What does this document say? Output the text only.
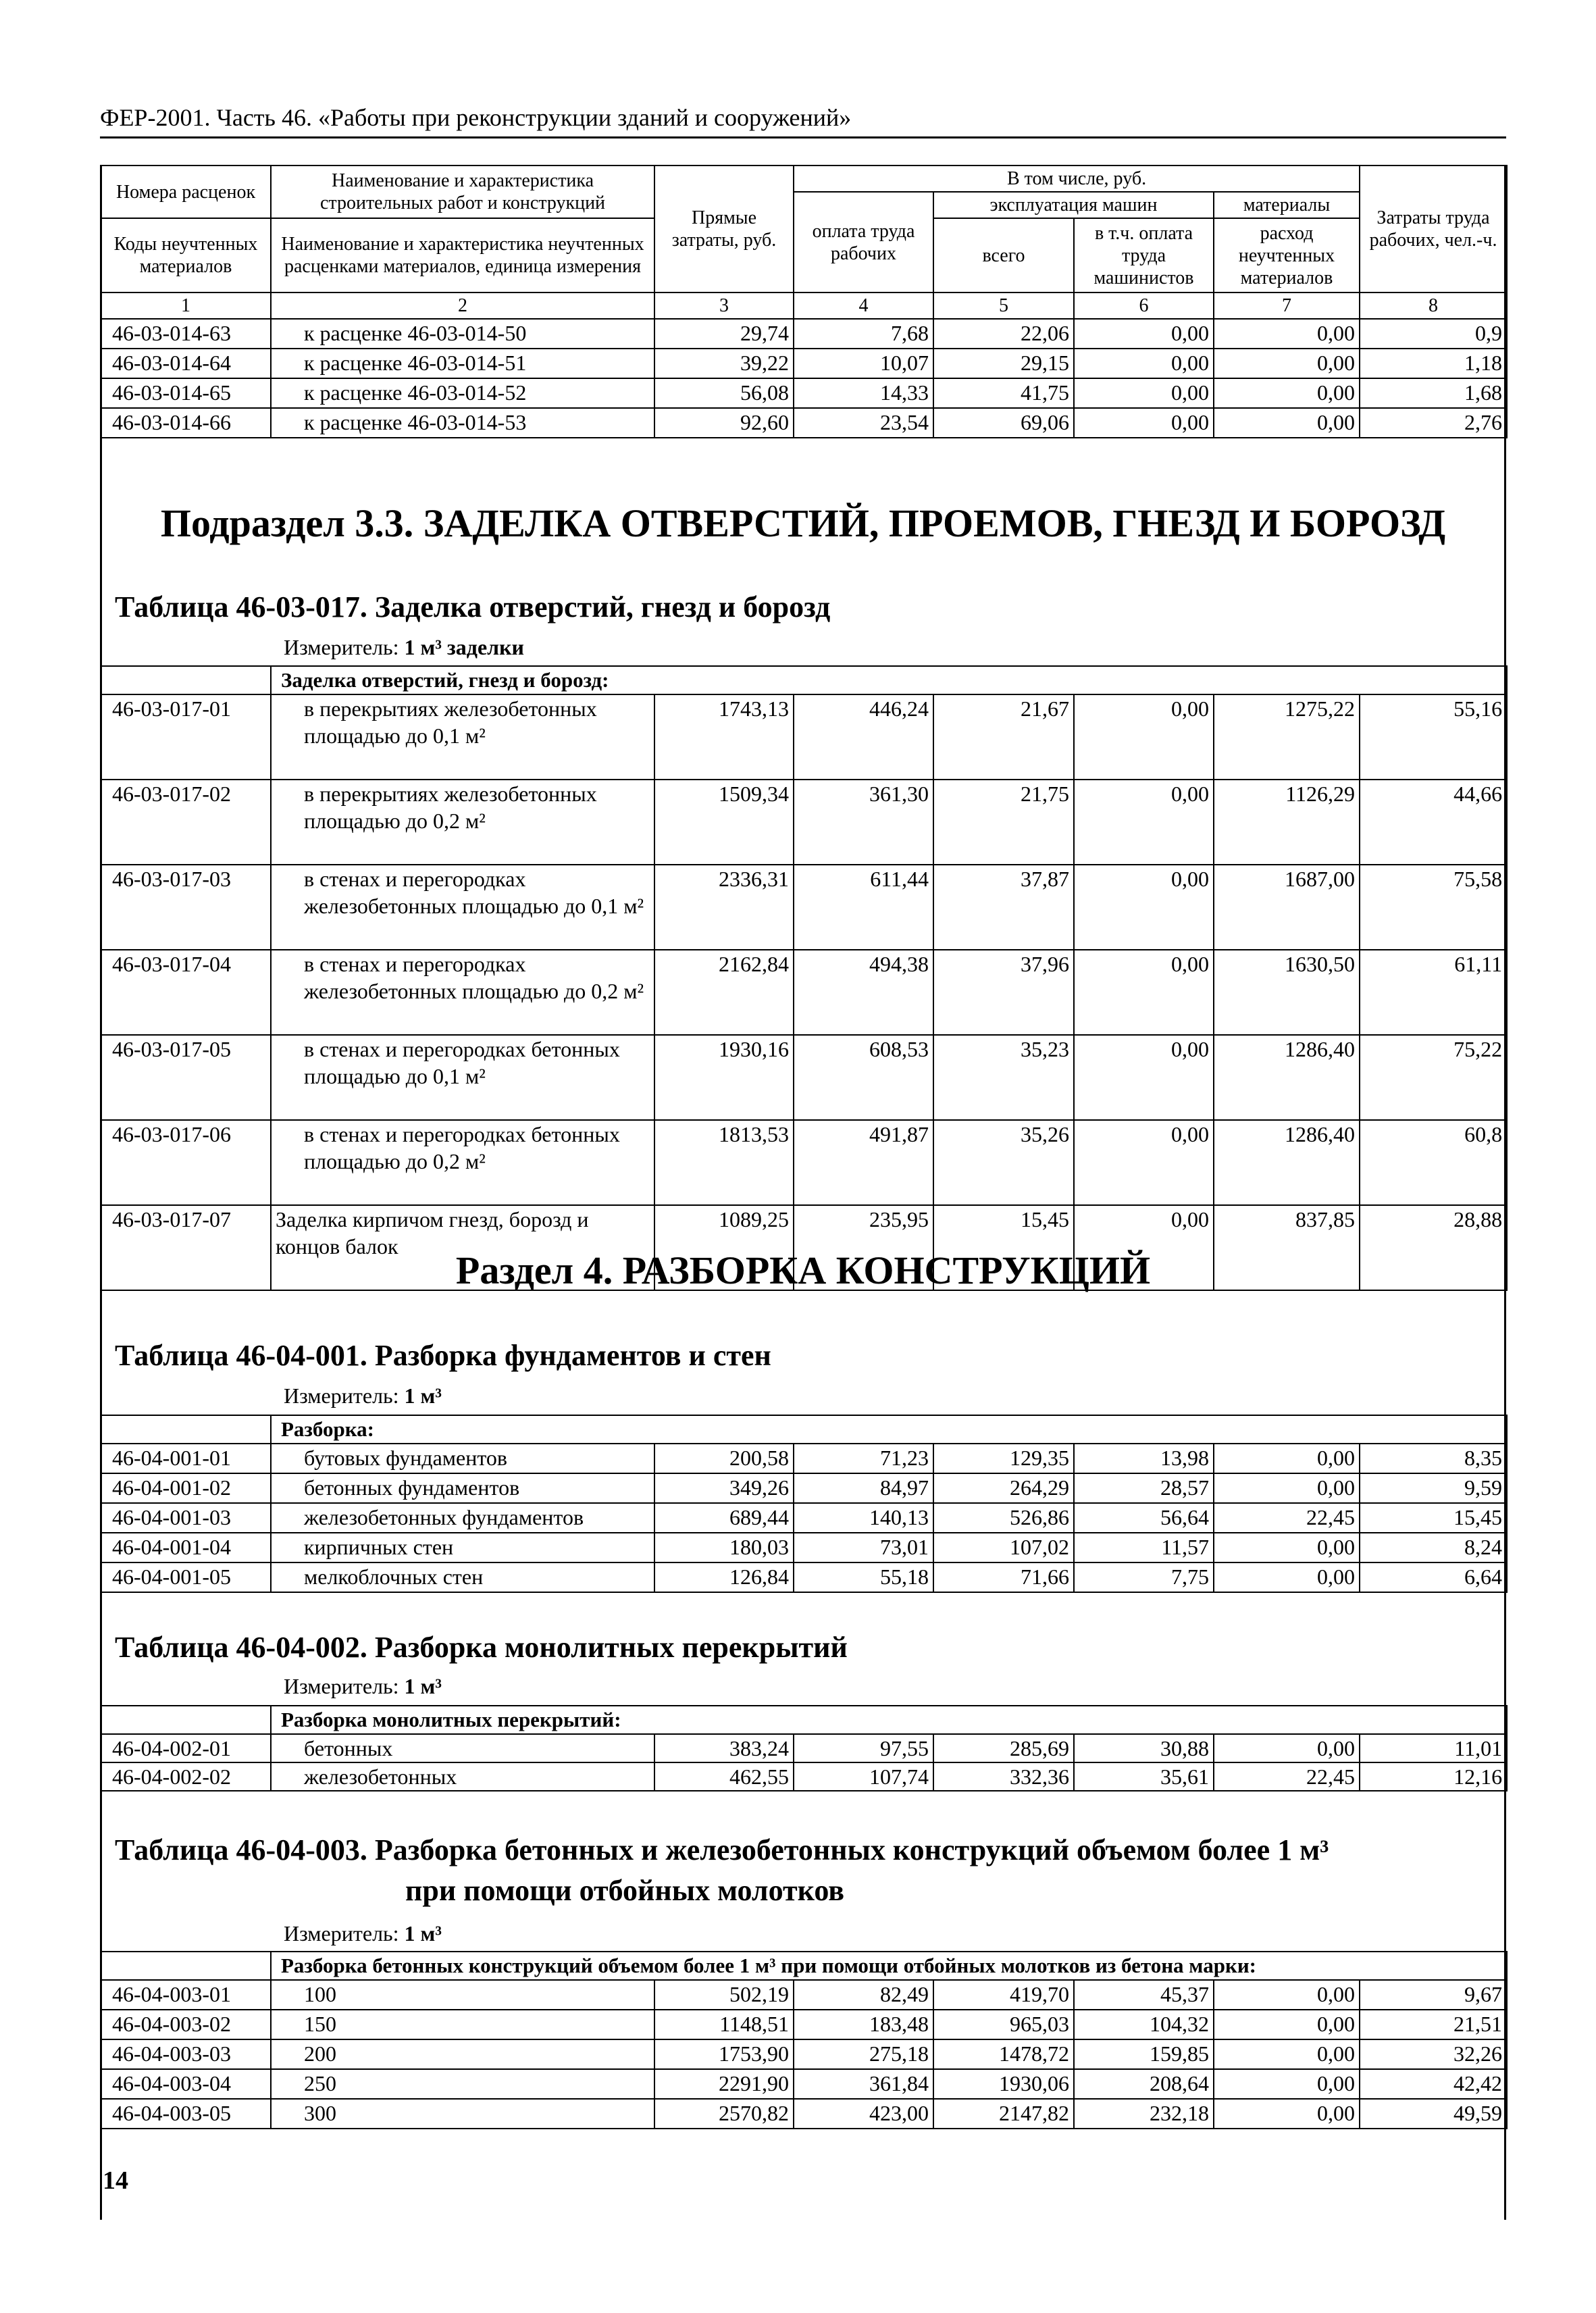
ФЕР-2001. Часть 46. «Работы при реконструкции зданий и сооружений»
Номера расценок	Наименование и характеристика строительных работ и конструкций	Прямые затраты, руб.	В том числе, руб.				Затраты труда рабочих, чел.-ч.
			оплата труда рабочих	эксплуатация машин		материалы	
Коды неучтенных материалов	Наименование и характеристика неучтенных расценками материалов, единица измерения			всего	в т.ч. оплата труда машинистов	расход неучтенных материалов	

1	2	3	4	5	6	7	8
46-03-014-63	к расценке 46-03-014-50	29,74	7,68	22,06	0,00	0,00	0,9
46-03-014-64	к расценке 46-03-014-51	39,22	10,07	29,15	0,00	0,00	1,18
46-03-014-65	к расценке 46-03-014-52	56,08	14,33	41,75	0,00	0,00	1,68
46-03-014-66	к расценке 46-03-014-53	92,60	23,54	69,06	0,00	0,00	2,76
Подраздел 3.3. ЗАДЕЛКА ОТВЕРСТИЙ, ПРОЕМОВ, ГНЕЗД И БОРОЗД
Таблица 46-03-017. Заделка отверстий, гнезд и борозд
Измеритель: 1 м³ заделки
	Заделка отверстий, гнезд и борозд:						
46-03-017-01	в перекрытиях железобетонных площадью до 0,1 м²	1743,13	446,24	21,67	0,00	1275,22	55,16
46-03-017-02	в перекрытиях железобетонных площадью до 0,2 м²	1509,34	361,30	21,75	0,00	1126,29	44,66
46-03-017-03	в стенах и перегородках железобетонных площадью до 0,1 м²	2336,31	611,44	37,87	0,00	1687,00	75,58
46-03-017-04	в стенах и перегородках железобетонных площадью до 0,2 м²	2162,84	494,38	37,96	0,00	1630,50	61,11
46-03-017-05	в стенах и перегородках бетонных площадью до 0,1 м²	1930,16	608,53	35,23	0,00	1286,40	75,22
46-03-017-06	в стенах и перегородках бетонных площадью до 0,2 м²	1813,53	491,87	35,26	0,00	1286,40	60,8
46-03-017-07	Заделка кирпичом гнезд, борозд и концов балок	1089,25	235,95	15,45	0,00	837,85	28,88
Раздел 4. РАЗБОРКА КОНСТРУКЦИЙ
Таблица 46-04-001. Разборка фундаментов и стен
Измеритель: 1 м³
	Разборка:						
46-04-001-01	бутовых фундаментов	200,58	71,23	129,35	13,98	0,00	8,35
46-04-001-02	бетонных фундаментов	349,26	84,97	264,29	28,57	0,00	9,59
46-04-001-03	железобетонных фундаментов	689,44	140,13	526,86	56,64	22,45	15,45
46-04-001-04	кирпичных стен	180,03	73,01	107,02	11,57	0,00	8,24
46-04-001-05	мелкоблочных стен	126,84	55,18	71,66	7,75	0,00	6,64
Таблица 46-04-002. Разборка монолитных перекрытий
Измеритель: 1 м³
	Разборка монолитных перекрытий:						
46-04-002-01	бетонных	383,24	97,55	285,69	30,88	0,00	11,01
46-04-002-02	железобетонных	462,55	107,74	332,36	35,61	22,45	12,16
Таблица 46-04-003. Разборка бетонных и железобетонных конструкций объемом более 1 м³
при помощи отбойных молотков
Измеритель: 1 м³
	Разборка бетонных конструкций объемом более 1 м³ при помощи отбойных молотков из бетона марки:						
46-04-003-01	100	502,19	82,49	419,70	45,37	0,00	9,67
46-04-003-02	150	1148,51	183,48	965,03	104,32	0,00	21,51
46-04-003-03	200	1753,90	275,18	1478,72	159,85	0,00	32,26
46-04-003-04	250	2291,90	361,84	1930,06	208,64	0,00	42,42
46-04-003-05	300	2570,82	423,00	2147,82	232,18	0,00	49,59
14
